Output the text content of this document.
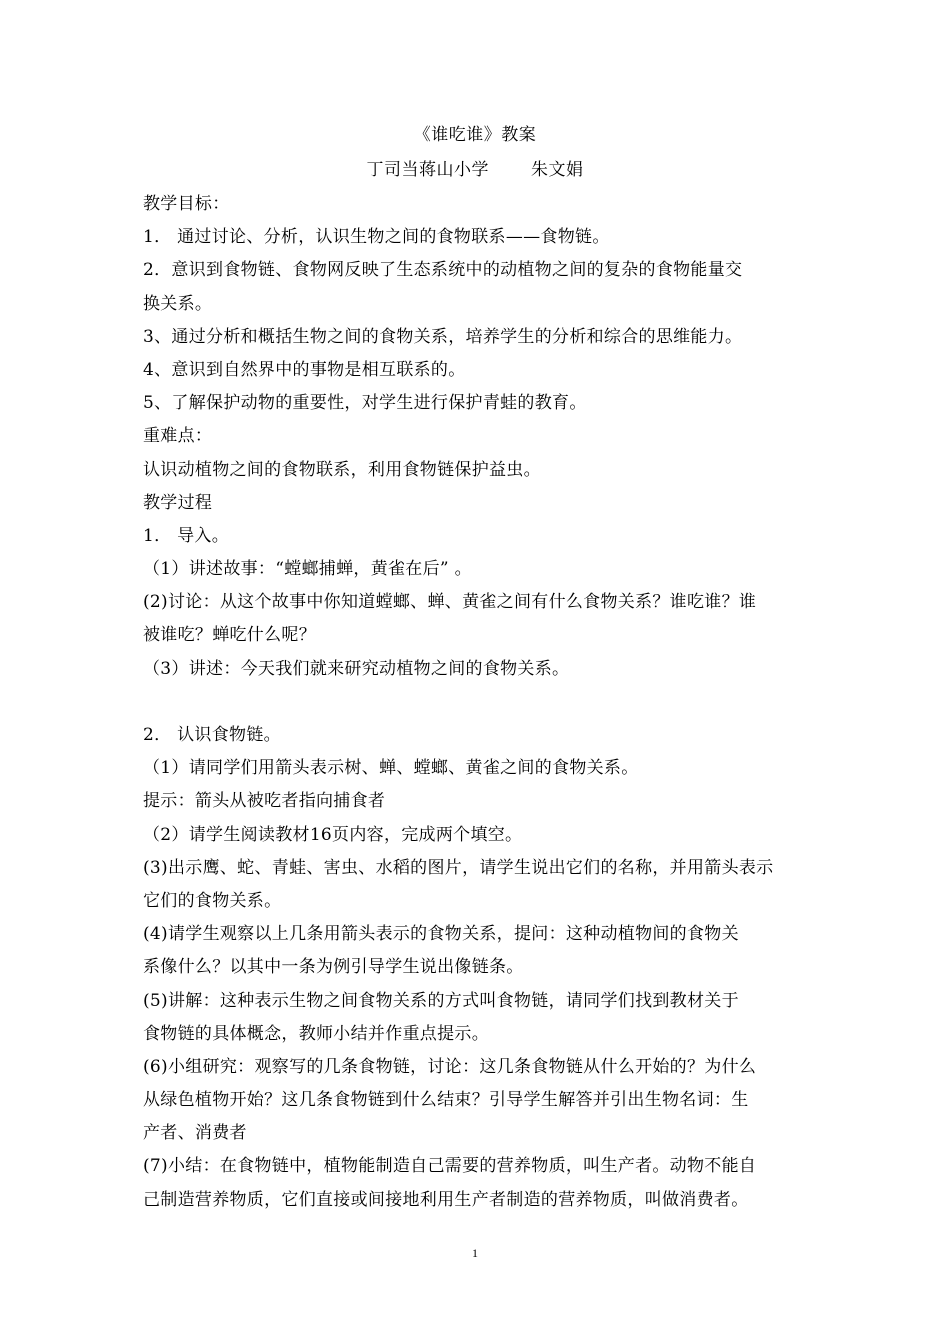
《谁吃谁》教案
丁司当蒋山小学 朱文娟
教学目标：
1． 通过讨论、分析，认识生物之间的食物联系——食物链。
2．意识到食物链、食物网反映了生态系统中的动植物之间的复杂的食物能量交
换关系。
3、通过分析和概括生物之间的食物关系，培养学生的分析和综合的思维能力。
4、意识到自然界中的事物是相互联系的。
5、了解保护动物的重要性，对学生进行保护青蛙的教育。
重难点：
认识动植物之间的食物联系，利用食物链保护益虫。
教学过程
1． 导入。
（1）讲述故事：“螳螂捕蝉，黄雀在后” 。
(2)讨论：从这个故事中你知道螳螂、蝉、黄雀之间有什么食物关系？谁吃谁？谁
被谁吃？蝉吃什么呢？
（3）讲述：今天我们就来研究动植物之间的食物关系。
2． 认识食物链。
（1）请同学们用箭头表示树、蝉、螳螂、黄雀之间的食物关系。
提示：箭头从被吃者指向捕食者
（2）请学生阅读教材16页内容，完成两个填空。
(3)出示鹰、蛇、青蛙、害虫、水稻的图片，请学生说出它们的名称，并用箭头表示
它们的食物关系。
(4)请学生观察以上几条用箭头表示的食物关系，提问：这种动植物间的食物关
系像什么？以其中一条为例引导学生说出像链条。
(5)讲解：这种表示生物之间食物关系的方式叫食物链，请同学们找到教材关于
食物链的具体概念，教师小结并作重点提示。
(6)小组研究：观察写的几条食物链，讨论：这几条食物链从什么开始的？为什么
从绿色植物开始？这几条食物链到什么结束？引导学生解答并引出生物名词：生
产者、消费者
(7)小结：在食物链中，植物能制造自己需要的营养物质，叫生产者。动物不能自
己制造营养物质，它们直接或间接地利用生产者制造的营养物质，叫做消费者。
1
